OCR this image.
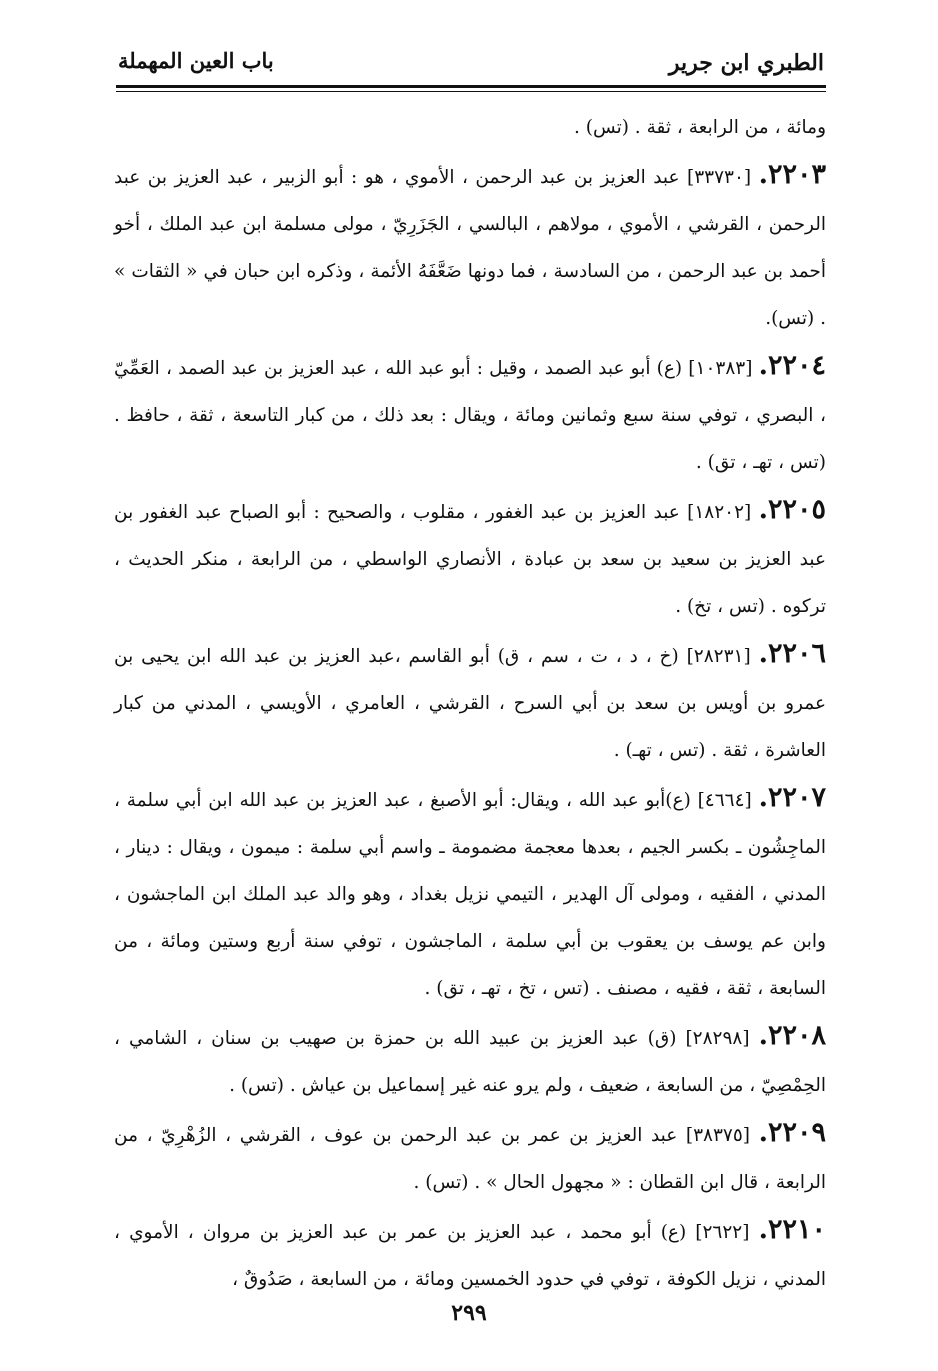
الطبري ابن جرير
باب العين المهملة

ومائة ، من الرابعة ، ثقة . (تس) .

٢٢٠٣. [٣٣٧٣٠] عبد العزيز بن عبد الرحمن ، الأموي ، هو : أبو الزبير ، عبد العزيز بن عبد الرحمن ، القرشي ، الأموي ، مولاهم ، البالسي ، الجَزَرِيّ ، مولى مسلمة ابن عبد الملك ، أخو أحمد بن عبد الرحمن ، من السادسة ، فما دونها ضَعَّفَهُ الأئمة ، وذكره ابن حبان في « الثقات » . (تس).

٢٢٠٤. [١٠٣٨٣] (ع) أبو عبد الصمد ، وقيل : أبو عبد الله ، عبد العزيز بن عبد الصمد ، العَمِّيّ ، البصري ، توفي سنة سبع وثمانين ومائة ، ويقال : بعد ذلك ، من كبار التاسعة ، ثقة ، حافظ . (تس ، تهـ ، تق) .

٢٢٠٥. [١٨٢٠٢] عبد العزيز بن عبد الغفور ، مقلوب ، والصحيح : أبو الصباح عبد الغفور بن عبد العزيز بن سعيد بن سعد بن عبادة ، الأنصاري الواسطي ، من الرابعة ، منكر الحديث ، تركوه . (تس ، تخ) .

٢٢٠٦. [٢٨٢٣١] (خ ، د ، ت ، سم ، ق) أبو القاسم ،عبد العزيز بن عبد الله ابن يحيى بن عمرو بن أويس بن سعد بن أبي السرح ، القرشي ، العامري ، الأويسي ، المدني من كبار العاشرة ، ثقة . (تس ، تهـ) .

٢٢٠٧. [٤٦٦٤] (ع)أبو عبد الله ، ويقال: أبو الأصبغ ، عبد العزيز بن عبد الله ابن أبي سلمة ، الماجِشُون ـ بكسر الجيم ، بعدها معجمة مضمومة ـ واسم أبي سلمة : ميمون ، ويقال : دينار ، المدني ، الفقيه ، ومولى آل الهدير ، التيمي نزيل بغداد ، وهو والد عبد الملك ابن الماجشون ، وابن عم يوسف بن يعقوب بن أبي سلمة ، الماجشون ، توفي سنة أربع وستين ومائة ، من السابعة ، ثقة ، فقيه ، مصنف . (تس ، تخ ، تهـ ، تق) .

٢٢٠٨. [٢٨٢٩٨] (ق) عبد العزيز بن عبيد الله بن حمزة بن صهيب بن سنان ، الشامي ، الحِمْصِيّ ، من السابعة ، ضعيف ، ولم يرو عنه غير إسماعيل بن عياش . (تس) .

٢٢٠٩. [٣٨٣٧٥] عبد العزيز بن عمر بن عبد الرحمن بن عوف ، القرشي ، الزُهْرِيّ ، من الرابعة ، قال ابن القطان : « مجهول الحال » . (تس) .

٢٢١٠. [٢٦٢٢] (ع) أبو محمد ، عبد العزيز بن عمر بن عبد العزيز بن مروان ، الأموي ، المدني ، نزيل الكوفة ، توفي في حدود الخمسين ومائة ، من السابعة ، صَدُوقٌ ،

٢٩٩
